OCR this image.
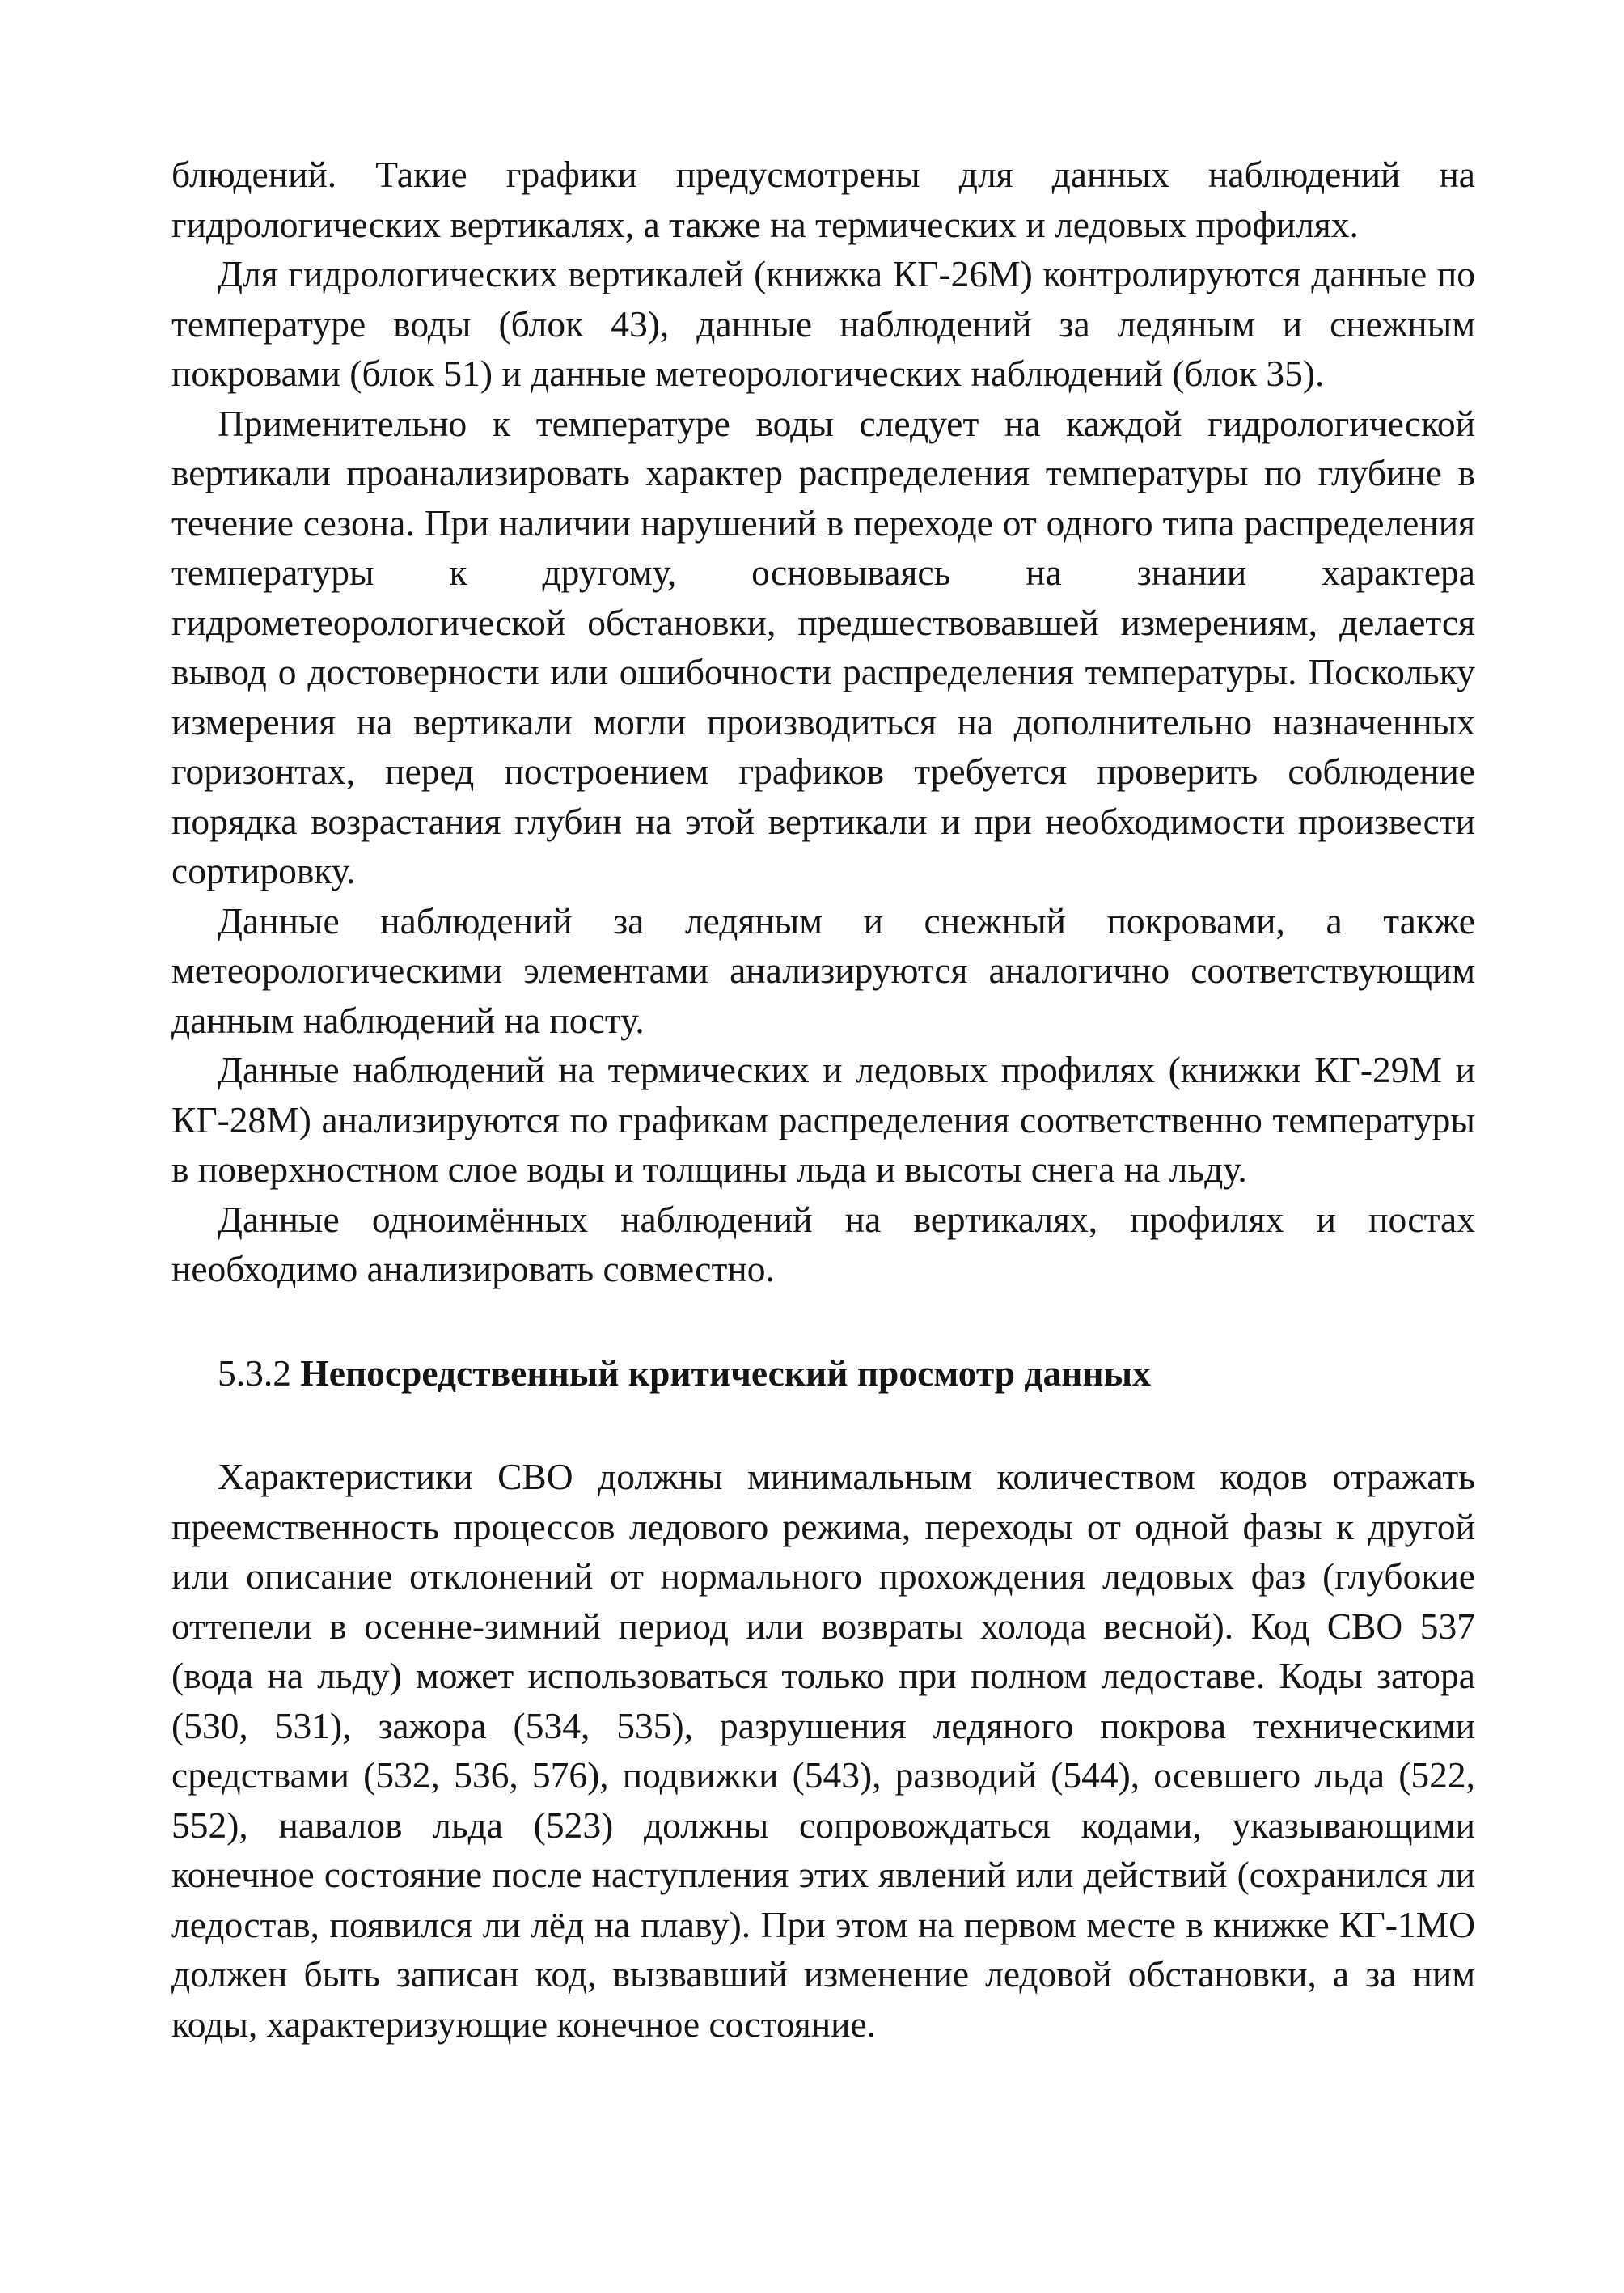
блюдений. Такие графики предусмотрены для данных наблюдений на гидрологических вертикалях, а также на термических и ледовых профилях.

Для гидрологических вертикалей (книжка КГ-26М) контролируются данные по температуре воды (блок 43), данные наблюдений за ледяным и снежным покровами (блок 51) и данные метеорологических наблюдений (блок 35).

Применительно к температуре воды следует на каждой гидрологической вертикали проанализировать характер распределения температуры по глубине в течение сезона. При наличии нарушений в переходе от одного типа распределения температуры к другому, основываясь на знании характера гидрометеорологической обстановки, предшествовавшей измерениям, делается вывод о достоверности или ошибочности распределения температуры. Поскольку измерения на вертикали могли производиться на дополнительно назначенных горизонтах, перед построением графиков требуется проверить соблюдение порядка возрастания глубин на этой вертикали и при необходимости произвести сортировку.

Данные наблюдений за ледяным и снежный покровами, а также метеорологическими элементами анализируются аналогично соответствующим данным наблюдений на посту.

Данные наблюдений на термических и ледовых профилях (книжки КГ-29М и КГ-28М) анализируются по графикам распределения соответственно температуры в поверхностном слое воды и толщины льда и высоты снега на льду.

Данные одноимённых наблюдений на вертикалях, профилях и постах необходимо анализировать совместно.

5.3.2 Непосредственный критический просмотр данных

Характеристики СВО должны минимальным количеством кодов отражать преемственность процессов ледового режима, переходы от одной фазы к другой или описание отклонений от нормального прохождения ледовых фаз (глубокие оттепели в осенне-зимний период или возвраты холода весной). Код СВО 537 (вода на льду) может использоваться только при полном ледоставе. Коды затора (530, 531), зажора (534, 535), разрушения ледяного покрова техническими средствами (532, 536, 576), подвижки (543), разводий (544), осевшего льда (522, 552), навалов льда (523) должны сопровождаться кодами, указывающими конечное состояние после наступления этих явлений или действий (сохранился ли ледостав, появился ли лёд на плаву). При этом на первом месте в книжке КГ-1МО должен быть записан код, вызвавший изменение ледовой обстановки, а за ним коды, характеризующие конечное состояние.
